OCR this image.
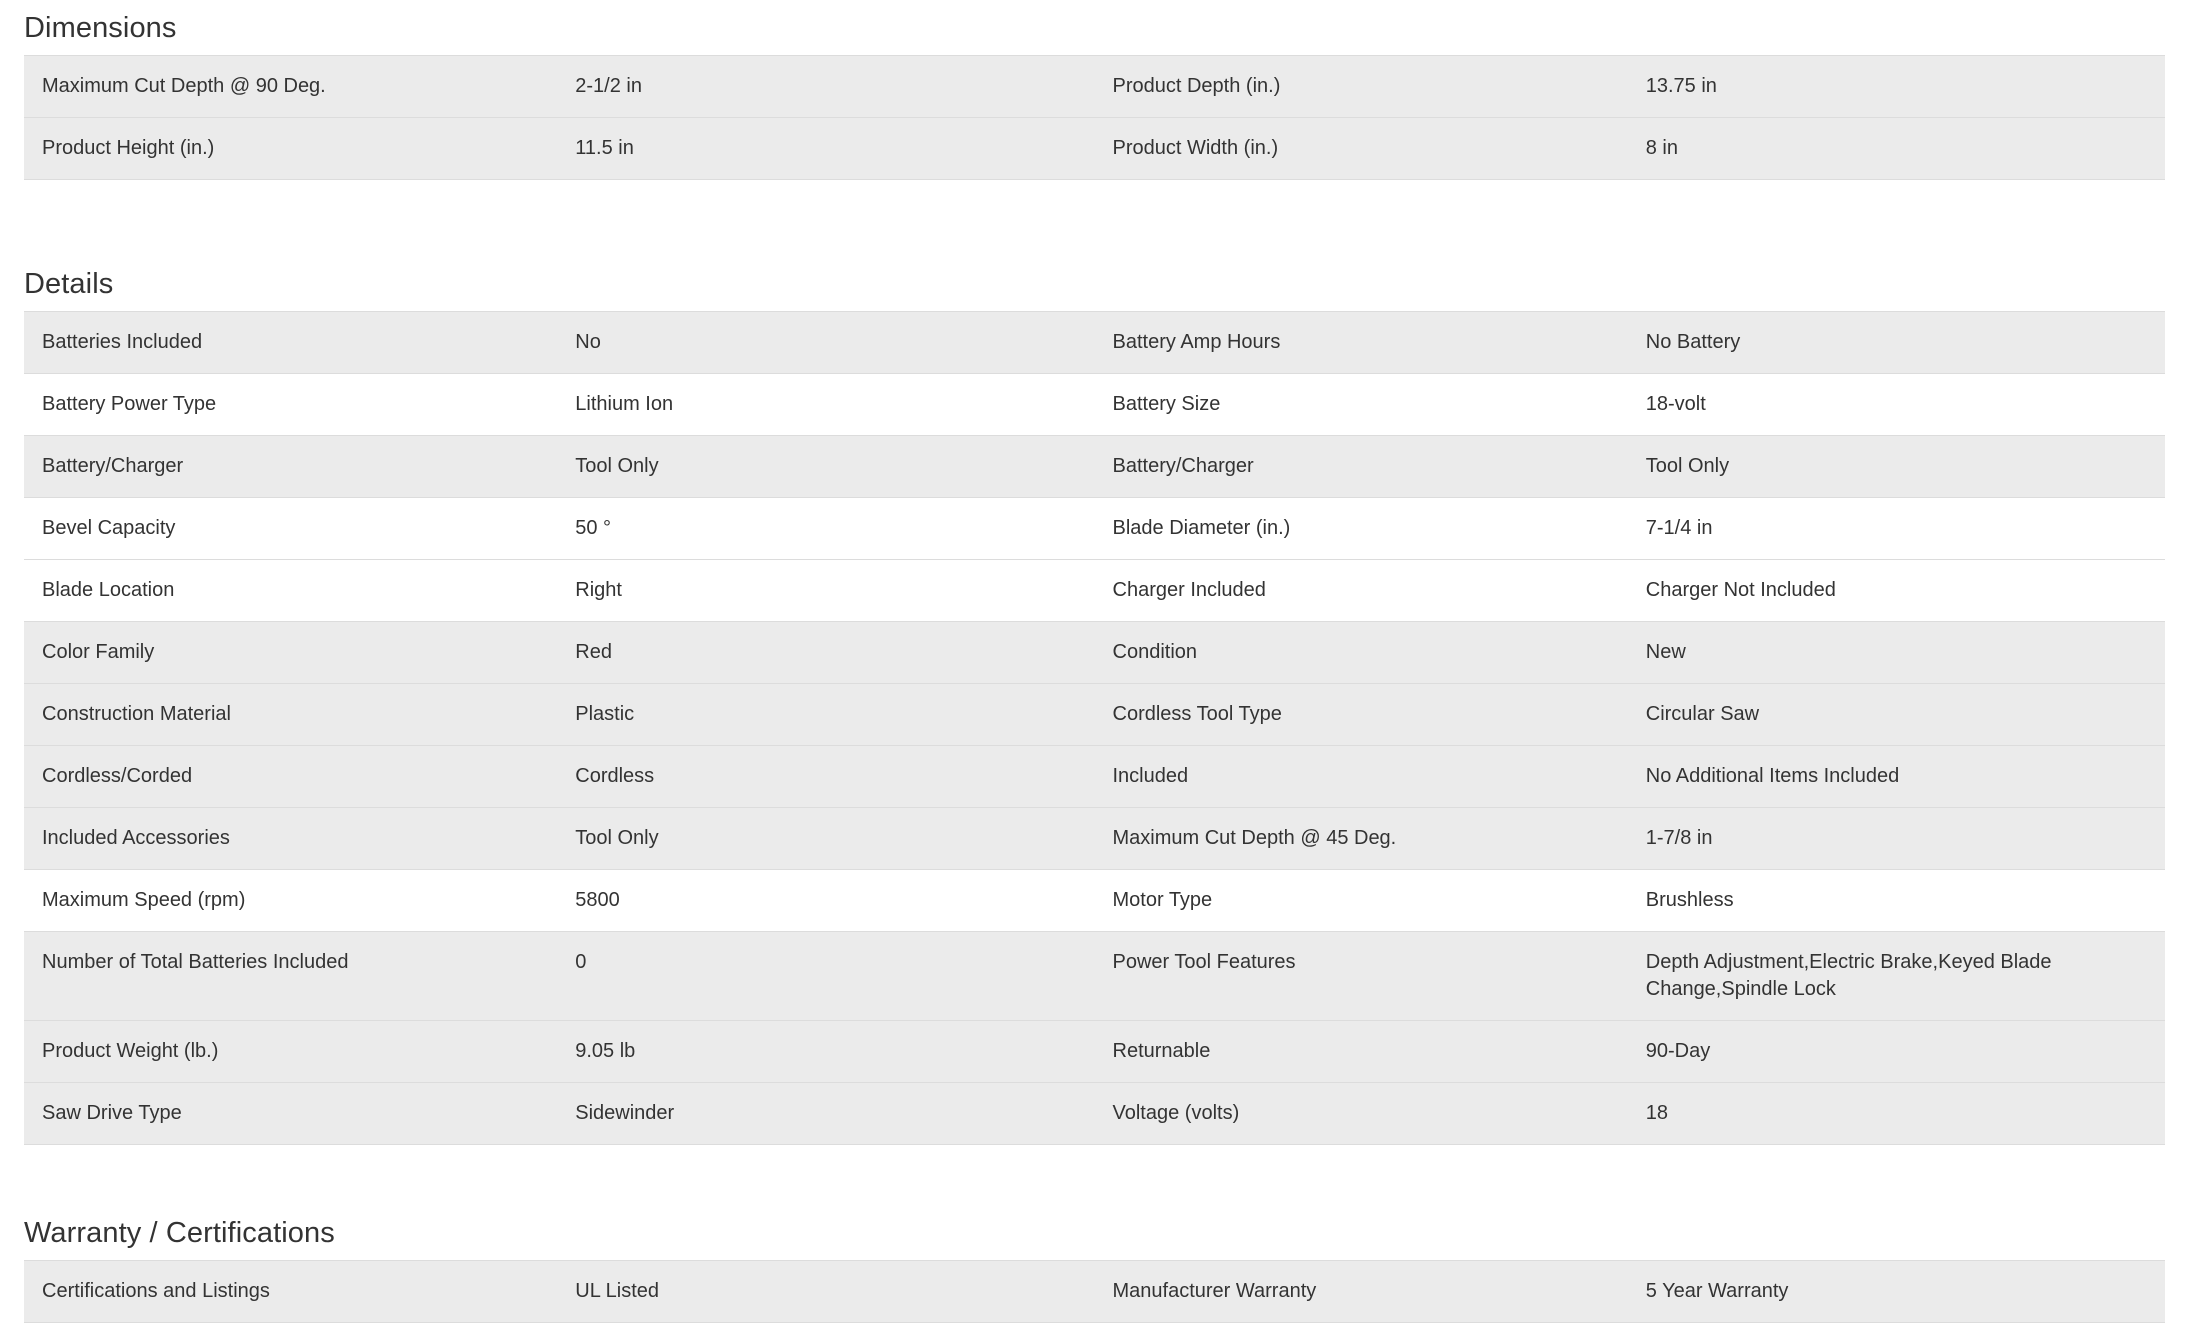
Dimensions
Maximum Cut Depth @ 90 Deg.	2-1/2 in	Product Depth (in.)	13.75 in
Product Height (in.)	11.5 in	Product Width (in.)	8 in
Details
Batteries Included	No	Battery Amp Hours	No Battery
Battery Power Type	Lithium Ion	Battery Size	18-volt
Battery/Charger	Tool Only	Battery/Charger	Tool Only
Bevel Capacity	50 °	Blade Diameter (in.)	7-1/4 in
Blade Location	Right	Charger Included	Charger Not Included
Color Family	Red	Condition	New
Construction Material	Plastic	Cordless Tool Type	Circular Saw
Cordless/Corded	Cordless	Included	No Additional Items Included
Included Accessories	Tool Only	Maximum Cut Depth @ 45 Deg.	1-7/8 in
Maximum Speed (rpm)	5800	Motor Type	Brushless
Number of Total Batteries Included	0	Power Tool Features	Depth Adjustment,Electric Brake,Keyed Blade Change,Spindle Lock
Product Weight (lb.)	9.05 lb	Returnable	90-Day
Saw Drive Type	Sidewinder	Voltage (volts)	18
Warranty / Certifications
Certifications and Listings	UL Listed	Manufacturer Warranty	5 Year Warranty
